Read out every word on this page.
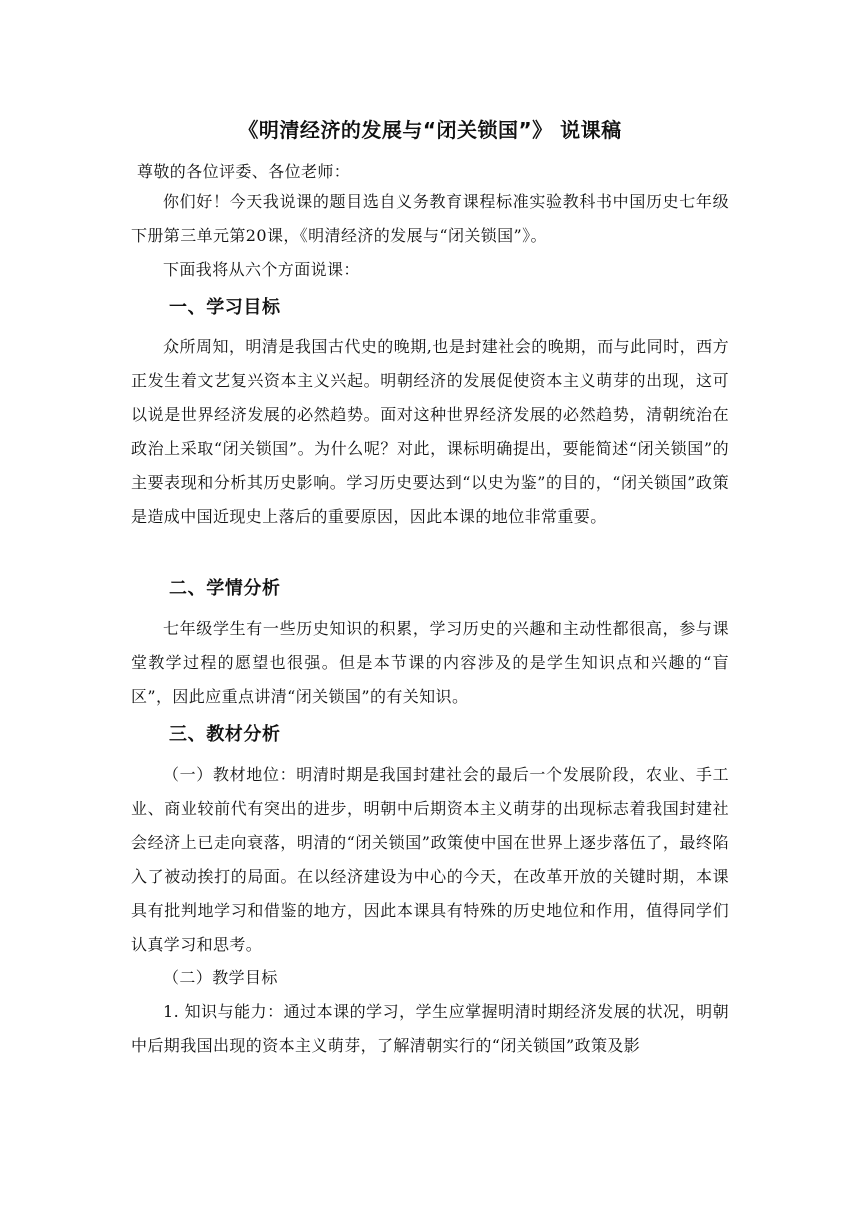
《明清经济的发展与“闭关锁国”》 说课稿
尊敬的各位评委、各位老师：
你们好！今天我说课的题目选自义务教育课程标准实验教科书中国历史七年级下册第三单元第20课，《明清经济的发展与“闭关锁国”》。
下面我将从六个方面说课：
一、学习目标
众所周知，明清是我国古代史的晚期,也是封建社会的晚期，而与此同时，西方正发生着文艺复兴资本主义兴起。明朝经济的发展促使资本主义萌芽的出现，这可以说是世界经济发展的必然趋势。面对这种世界经济发展的必然趋势，清朝统治在政治上采取“闭关锁国”。为什么呢？对此，课标明确提出，要能简述“闭关锁国”的主要表现和分析其历史影响。学习历史要达到“以史为鉴”的目的，“闭关锁国”政策是造成中国近现史上落后的重要原因，因此本课的地位非常重要。
二、学情分析
七年级学生有一些历史知识的积累，学习历史的兴趣和主动性都很高，参与课堂教学过程的愿望也很强。但是本节课的内容涉及的是学生知识点和兴趣的“盲区”，因此应重点讲清“闭关锁国”的有关知识。
三、教材分析
（一）教材地位：明清时期是我国封建社会的最后一个发展阶段，农业、手工业、商业较前代有突出的进步，明朝中后期资本主义萌芽的出现标志着我国封建社会经济上已走向衰落，明清的“闭关锁国”政策使中国在世界上逐步落伍了，最终陷入了被动挨打的局面。在以经济建设为中心的今天，在改革开放的关键时期，本课具有批判地学习和借鉴的地方，因此本课具有特殊的历史地位和作用，值得同学们认真学习和思考。
（二）教学目标
1. 知识与能力：通过本课的学习，学生应掌握明清时期经济发展的状况，明朝中后期我国出现的资本主义萌芽，了解清朝实行的“闭关锁国”政策及影
